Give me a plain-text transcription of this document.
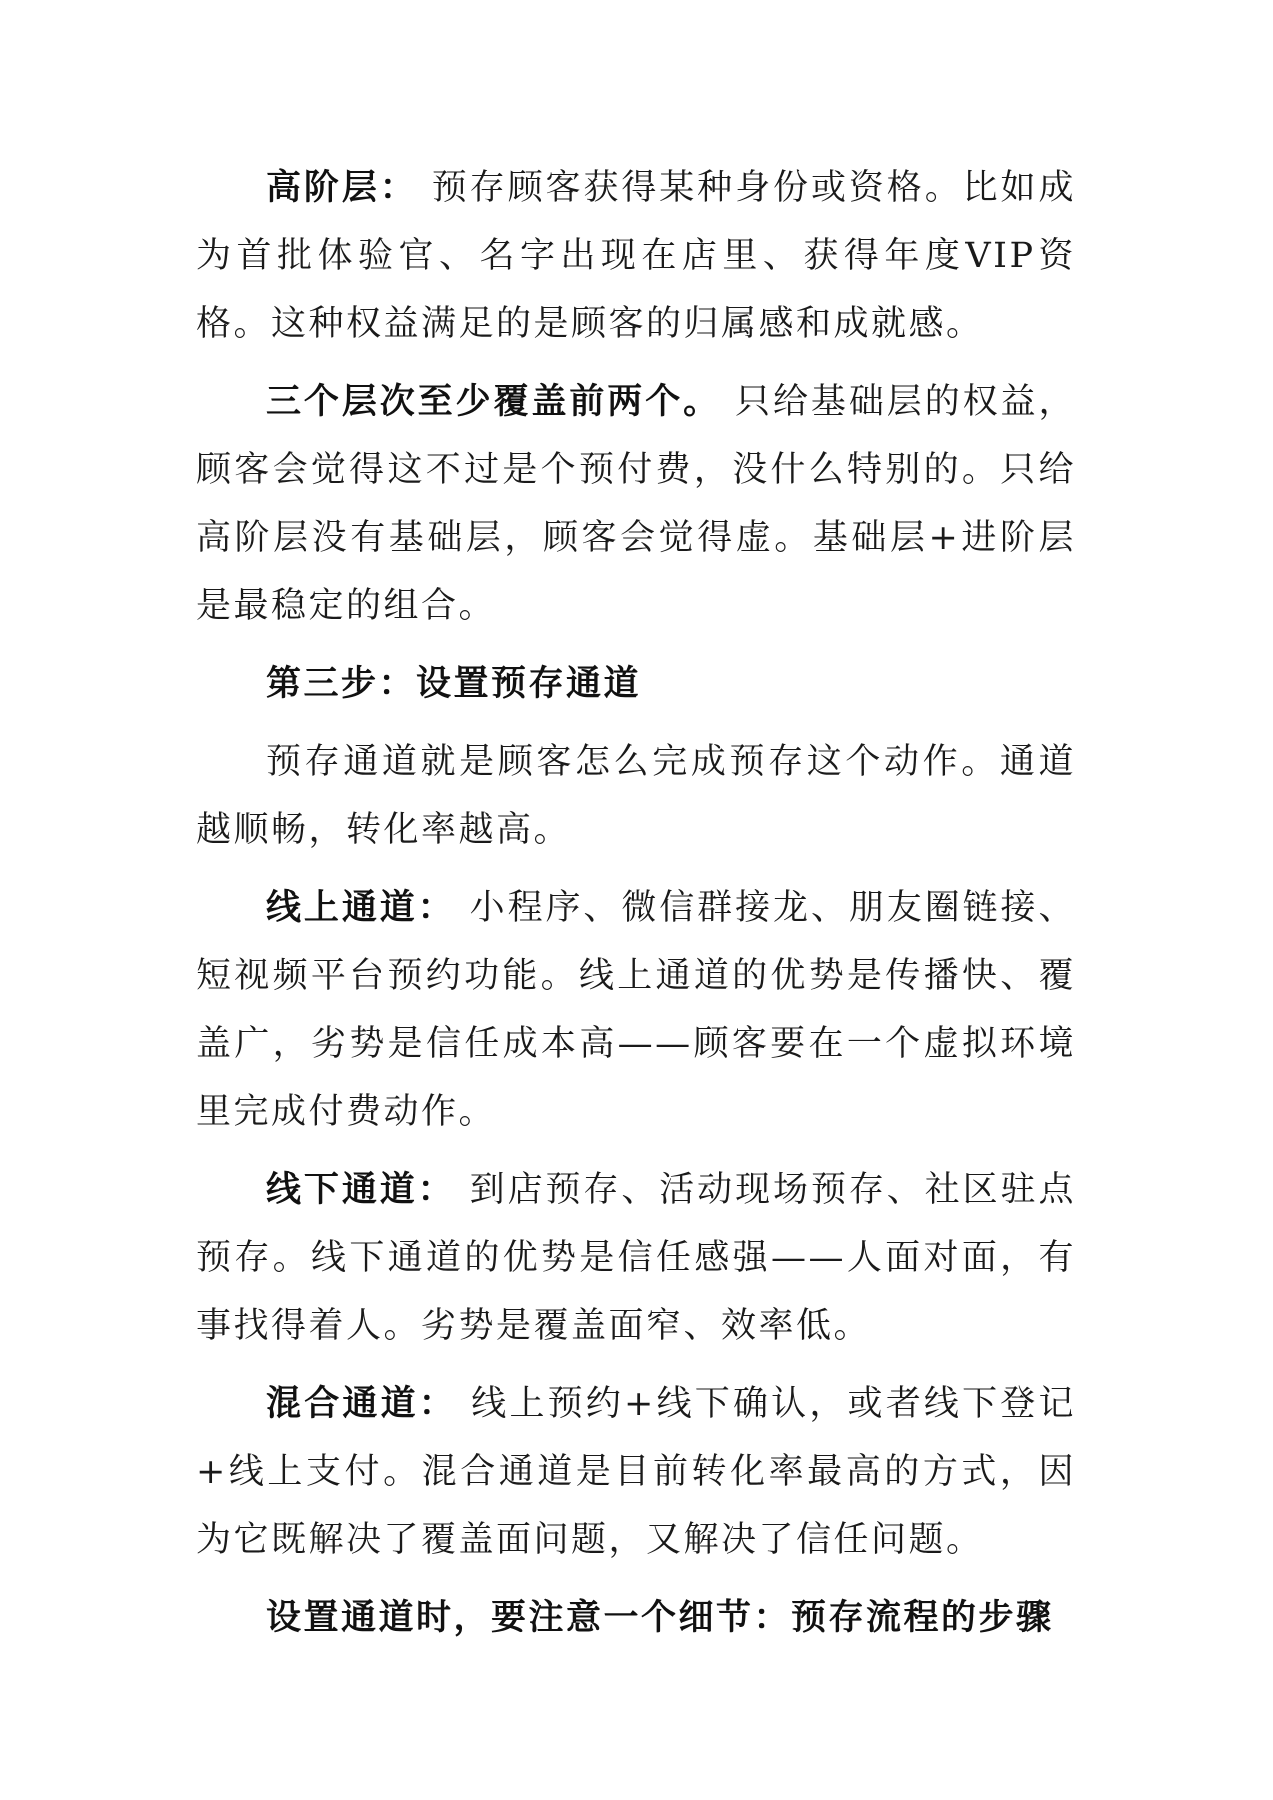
高阶层： 预存顾客获得某种身份或资格。比如成为首批体验官、名字出现在店里、获得年度VIP资格。这种权益满足的是顾客的归属感和成就感。

三个层次至少覆盖前两个。 只给基础层的权益，顾客会觉得这不过是个预付费，没什么特别的。只给高阶层没有基础层，顾客会觉得虚。基础层+进阶层是最稳定的组合。

第三步：设置预存通道

预存通道就是顾客怎么完成预存这个动作。通道越顺畅，转化率越高。

线上通道： 小程序、微信群接龙、朋友圈链接、短视频平台预约功能。线上通道的优势是传播快、覆盖广，劣势是信任成本高——顾客要在一个虚拟环境里完成付费动作。

线下通道： 到店预存、活动现场预存、社区驻点预存。线下通道的优势是信任感强——人面对面，有事找得着人。劣势是覆盖面窄、效率低。

混合通道： 线上预约+线下确认，或者线下登记+线上支付。混合通道是目前转化率最高的方式，因为它既解决了覆盖面问题，又解决了信任问题。

设置通道时，要注意一个细节：预存流程的步骤
